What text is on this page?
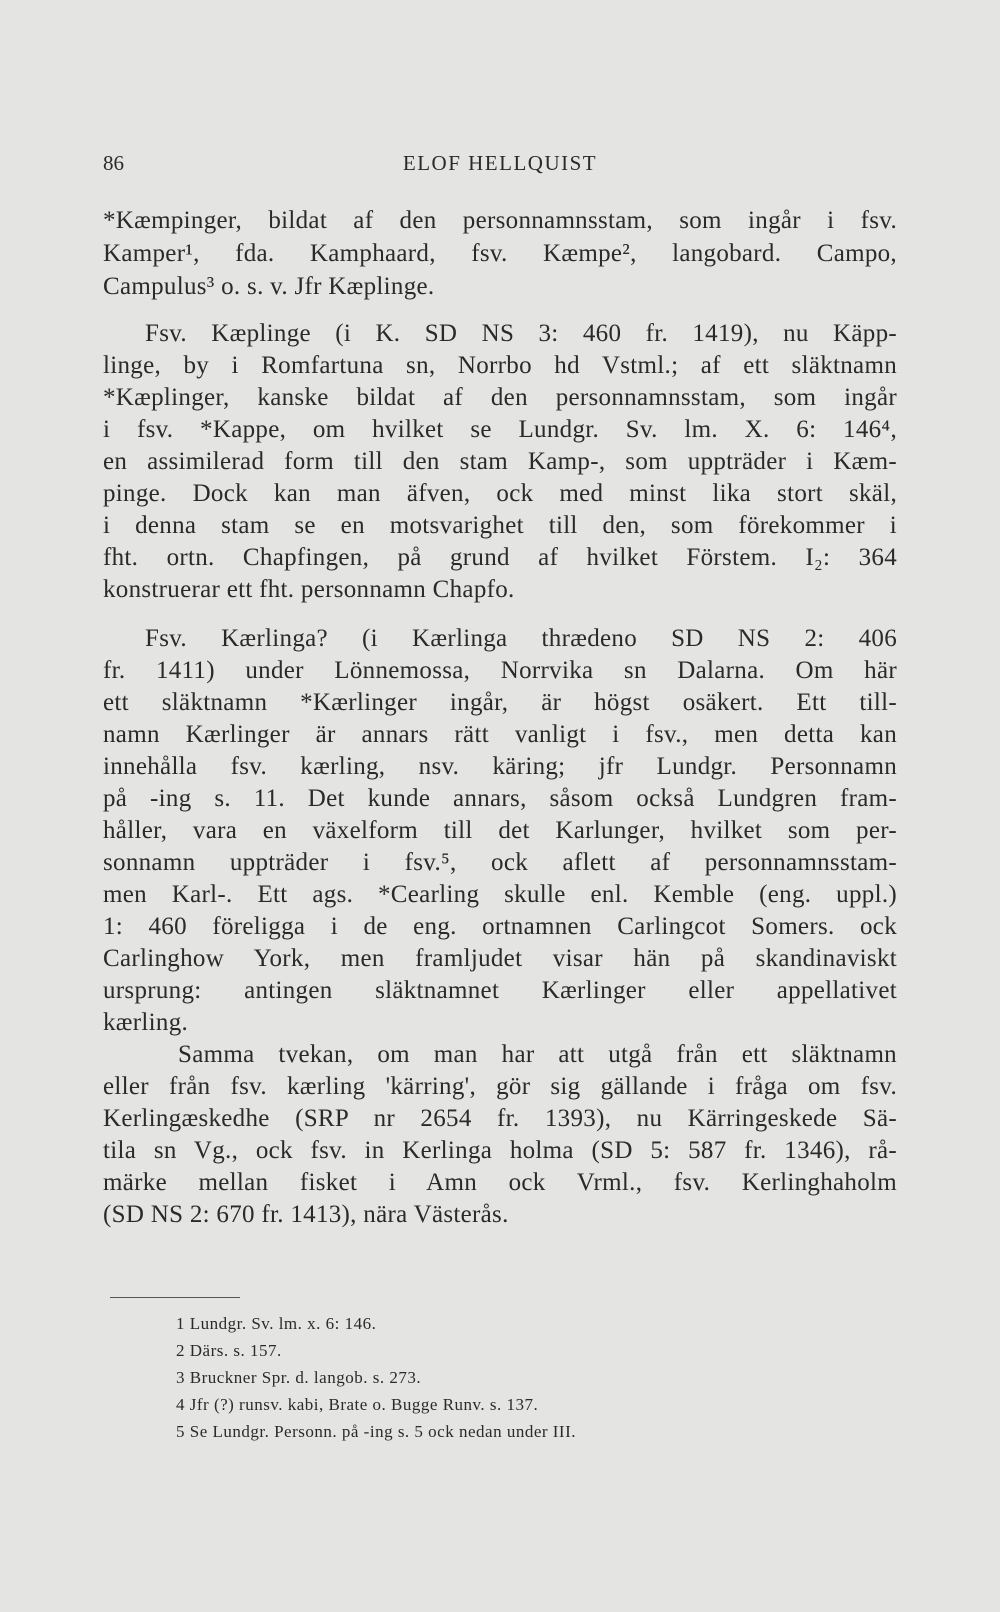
86	ELOF HELLQUIST
*Kæmpinger, bildat af den personnamnsstam, som ingår i fsv.
Kamper¹, fda. Kamphaard, fsv. Kæmpe², langobard. Campo,
Campulus³ o. s. v. Jfr Kæplinge.
Fsv. Kæplinge (i K. SD NS 3: 460 fr. 1419), nu Käpp-
linge, by i Romfartuna sn, Norrbo hd Vstml.; af ett släktnamn
*Kæplinger, kanske bildat af den personnamnsstam, som ingår
i fsv. *Kappe, om hvilket se Lundgr. Sv. lm. X. 6: 146⁴,
en assimilerad form till den stam Kamp-, som uppträder i Kæm-
pinge. Dock kan man äfven, ock med minst lika stort skäl,
i denna stam se en motsvarighet till den, som förekommer i
fht. ortn. Chapfingen, på grund af hvilket Förstem. I₂: 364
konstruerar ett fht. personnamn Chapfo.
Fsv. Kærlinga? (i Kærlinga thrædeno SD NS 2: 406
fr. 1411) under Lönnemossa, Norrvika sn Dalarna. Om här
ett släktnamn *Kærlinger ingår, är högst osäkert. Ett till-
namn Kærlinger är annars rätt vanligt i fsv., men detta kan
innehålla fsv. kærling, nsv. käring; jfr Lundgr. Personnamn
på -ing s. 11. Det kunde annars, såsom också Lundgren fram-
håller, vara en växelform till det Karlunger, hvilket som per-
sonnamn uppträder i fsv.⁵, ock aflett af personnamnsstam-
men Karl-. Ett ags. *Cearling skulle enl. Kemble (eng. uppl.)
1: 460 föreligga i de eng. ortnamnen Carlingcot Somers. ock
Carlinghow York, men framljudet visar hän på skandinaviskt
ursprung: antingen släktnamnet Kærlinger eller appellativet
kærling.
Samma tvekan, om man har att utgå från ett släktnamn
eller från fsv. kærling 'kärring', gör sig gällande i fråga om fsv.
Kerlingæskedhe (SRP nr 2654 fr. 1393), nu Kärringeskede Sä-
tila sn Vg., ock fsv. in Kerlinga holma (SD 5: 587 fr. 1346), rå-
märke mellan fisket i Amn ock Vrml., fsv. Kerlinghaholm
(SD NS 2: 670 fr. 1413), nära Västerås.
1 Lundgr. Sv. lm. x. 6: 146.
2 Därs. s. 157.
3 Bruckner Spr. d. langob. s. 273.
4 Jfr (?) runsv. kabi, Brate o. Bugge Runv. s. 137.
5 Se Lundgr. Personn. på -ing s. 5 ock nedan under III.
